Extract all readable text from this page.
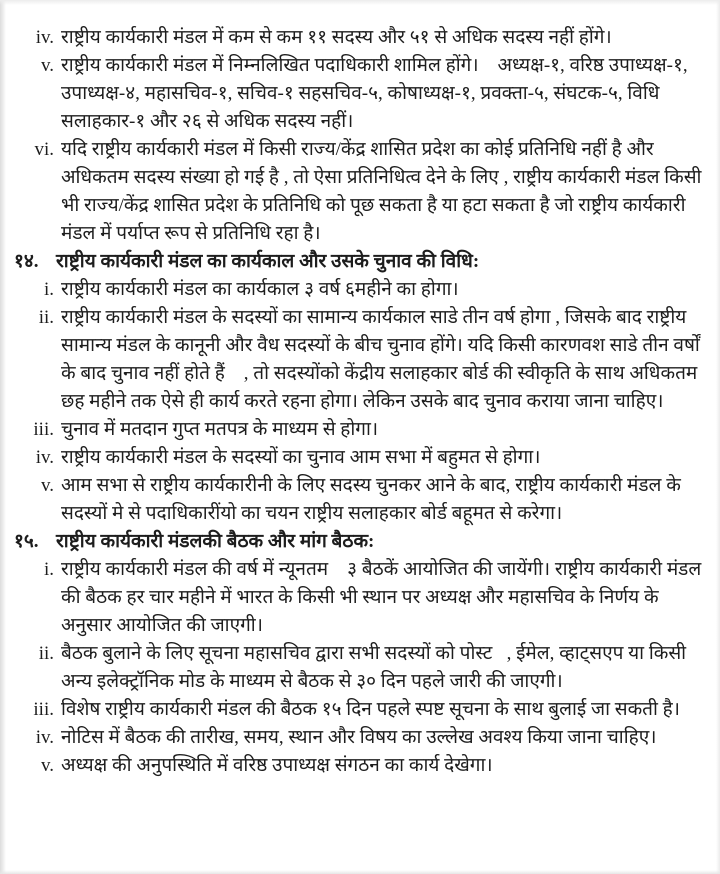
iv. राष्ट्रीय कार्यकारी मंडल में कम से कम ११ सदस्य और ५१ से अधिक सदस्य नहीं होंगे।
v. राष्ट्रीय कार्यकारी मंडल में निम्नलिखित पदाधिकारी शामिल होंगे।    अध्यक्ष-१, वरिष्ठ उपाध्यक्ष-१, उपाध्यक्ष-४, महासचिव-१, सचिव-१ सहसचिव-५, कोषाध्यक्ष-१, प्रवक्ता-५, संघटक-५, विधि सलाहकार-१ और २६ से अधिक सदस्य नहीं।
vi. यदि राष्ट्रीय कार्यकारी मंडल में किसी राज्य/केंद्र शासित प्रदेश का कोई प्रतिनिधि नहीं है और अधिकतम सदस्य संख्या हो गई है , तो ऐसा प्रतिनिधित्व देने के लिए , राष्ट्रीय कार्यकारी मंडल किसी भी राज्य/केंद्र शासित प्रदेश के प्रतिनिधि को पूछ सकता है या हटा सकता है जो राष्ट्रीय कार्यकारी मंडल में पर्याप्त रूप से प्रतिनिधि रहा है।
१४. राष्ट्रीय कार्यकारी मंडल का कार्यकाल और उसके चुनाव की विधि:
i. राष्ट्रीय कार्यकारी मंडल का कार्यकाल ३ वर्ष ६महीने का होगा।
ii. राष्ट्रीय कार्यकारी मंडल के सदस्यों का सामान्य कार्यकाल साडे तीन वर्ष होगा , जिसके बाद राष्ट्रीय सामान्य मंडल के कानूनी और वैध सदस्यों के बीच चुनाव होंगे। यदि किसी कारणवश साडे तीन वर्षों के बाद चुनाव नहीं होते हैं    , तो सदस्योंको केंद्रीय सलाहकार बोर्ड की स्वीकृति के साथ अधिकतम छह महीने तक ऐसे ही कार्य करते रहना होगा। लेकिन उसके बाद चुनाव कराया जाना चाहिए।
iii. चुनाव में मतदान गुप्त मतपत्र के माध्यम से होगा।
iv. राष्ट्रीय कार्यकारी मंडल के सदस्यों का चुनाव आम सभा में बहुमत से होगा।
v. आम सभा से राष्ट्रीय कार्यकारीनी के लिए सदस्य चुनकर आने के बाद, राष्ट्रीय कार्यकारी मंडल के सदस्यों मे से पदाधिकारींयो का चयन राष्ट्रीय सलाहकार बोर्ड बहूमत से करेगा।
१५. राष्ट्रीय कार्यकारी मंडलकी बैठक और मांग बैठक:
i. राष्ट्रीय कार्यकारी मंडल की वर्ष में न्यूनतम    ३ बैठकें आयोजित की जायेंगी। राष्ट्रीय कार्यकारी मंडल की बैठक हर चार महीने में भारत के किसी भी स्थान पर अध्यक्ष और महासचिव के निर्णय के अनुसार आयोजित की जाएगी।
ii. बैठक बुलाने के लिए सूचना महासचिव द्वारा सभी सदस्यों को पोस्ट   , ईमेल, व्हाट्सएप या किसी अन्य इलेक्ट्रॉनिक मोड के माध्यम से बैठक से ३० दिन पहले जारी की जाएगी।
iii. विशेष राष्ट्रीय कार्यकारी मंडल की बैठक १५ दिन पहले स्पष्ट सूचना के साथ बुलाई जा सकती है।
iv. नोटिस में बैठक की तारीख, समय, स्थान और विषय का उल्लेख अवश्य किया जाना चाहिए।
v. अध्यक्ष की अनुपस्थिति में वरिष्ठ उपाध्यक्ष संगठन का कार्य देखेगा।
